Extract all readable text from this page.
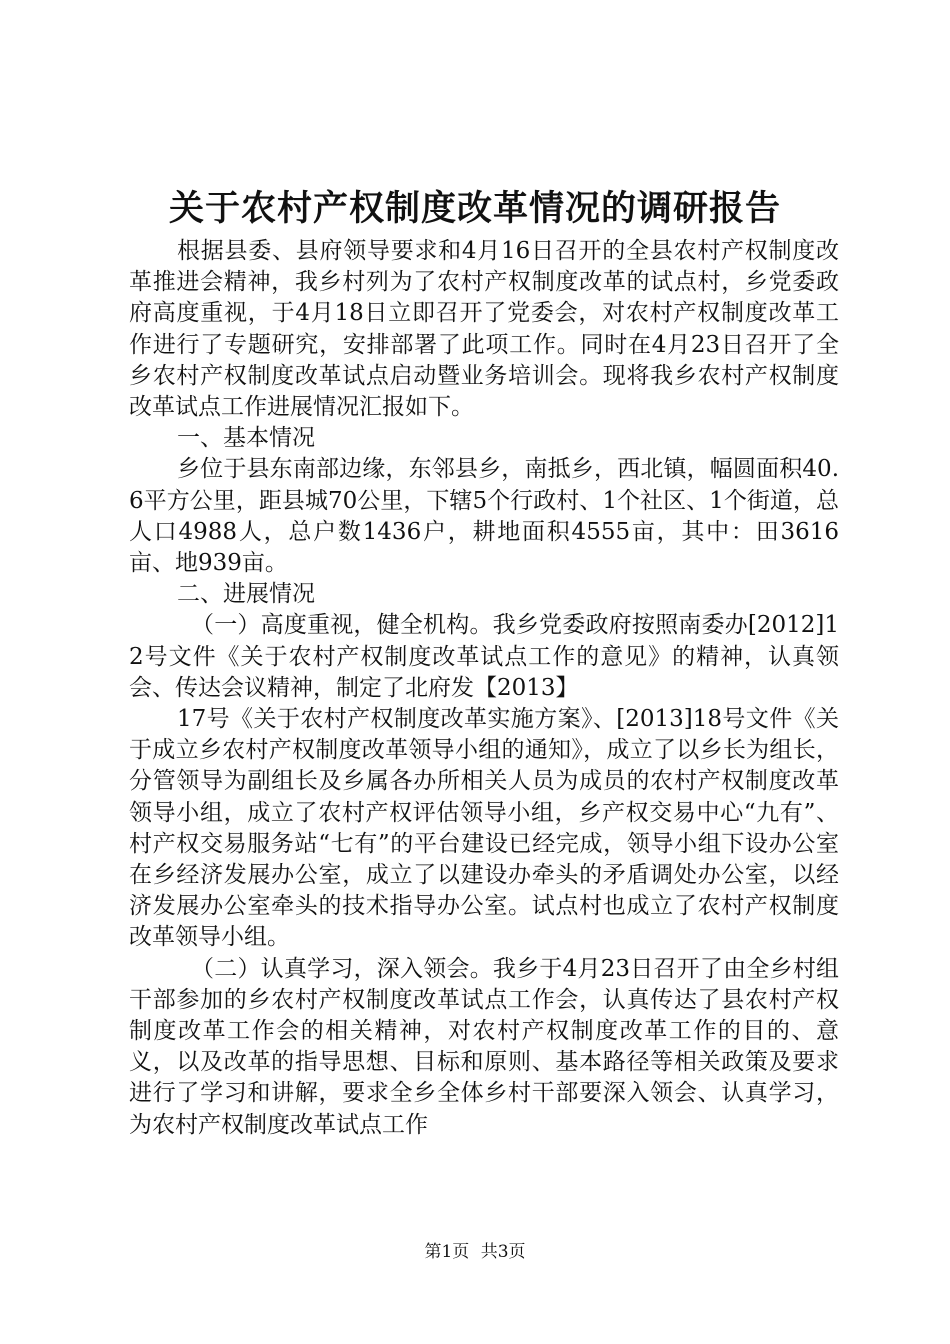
关于农村产权制度改革情况的调研报告

根据县委、县府领导要求和4月16日召开的全县农村产权制度改革推进会精神，我乡村列为了农村产权制度改革的试点村，乡党委政府高度重视，于4月18日立即召开了党委会，对农村产权制度改革工作进行了专题研究，安排部署了此项工作。同时在4月23日召开了全乡农村产权制度改革试点启动暨业务培训会。现将我乡农村产权制度改革试点工作进展情况汇报如下。

一、基本情况

乡位于县东南部边缘，东邻县乡，南抵乡，西北镇，幅圆面积40.6平方公里，距县城70公里，下辖5个行政村、1个社区、1个街道，总人口4988人，总户数1436户，耕地面积4555亩，其中：田3616亩、地939亩。

二、进展情况

（一）高度重视，健全机构。我乡党委政府按照南委办[2012]12号文件《关于农村产权制度改革试点工作的意见》的精神，认真领会、传达会议精神，制定了北府发【2013】

17号《关于农村产权制度改革实施方案》、[2013]18号文件《关于成立乡农村产权制度改革领导小组的通知》，成立了以乡长为组长，分管领导为副组长及乡属各办所相关人员为成员的农村产权制度改革领导小组，成立了农村产权评估领导小组，乡产权交易中心“九有”、村产权交易服务站“七有”的平台建设已经完成，领导小组下设办公室在乡经济发展办公室，成立了以建设办牵头的矛盾调处办公室，以经济发展办公室牵头的技术指导办公室。试点村也成立了农村产权制度改革领导小组。

（二）认真学习，深入领会。我乡于4月23日召开了由全乡村组干部参加的乡农村产权制度改革试点工作会，认真传达了县农村产权制度改革工作会的相关精神，对农村产权制度改革工作的目的、意义，以及改革的指导思想、目标和原则、基本路径等相关政策及要求进行了学习和讲解，要求全乡全体乡村干部要深入领会、认真学习，为农村产权制度改革试点工作

第1页 共3页
